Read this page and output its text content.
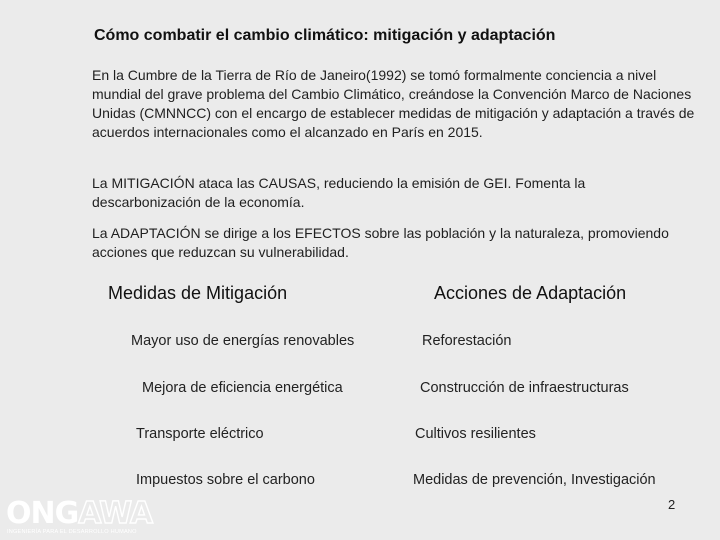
Cómo combatir el cambio climático: mitigación y adaptación
En la Cumbre de la Tierra de Río de Janeiro(1992) se tomó formalmente conciencia a nivel mundial del grave problema del Cambio Climático, creándose la Convención Marco de Naciones Unidas (CMNNCC) con el encargo de establecer medidas de mitigación y adaptación a través de acuerdos internacionales como el alcanzado en París en 2015.
La MITIGACIÓN ataca las CAUSAS, reduciendo la emisión de GEI. Fomenta la descarbonización de la economía.
La ADAPTACIÓN se dirige a los EFECTOS sobre las población y la naturaleza, promoviendo acciones que reduzcan su vulnerabilidad.
Medidas de Mitigación	Acciones de Adaptación
Mayor uso de energías renovables
Mejora de eficiencia energética
Transporte eléctrico
Impuestos sobre el carbono
Reforestación
Construcción de infraestructuras
Cultivos resilientes
Medidas de prevención, Investigación
ONGAWA
INGENIERÍA PARA EL DESARROLLO HUMANO
2
